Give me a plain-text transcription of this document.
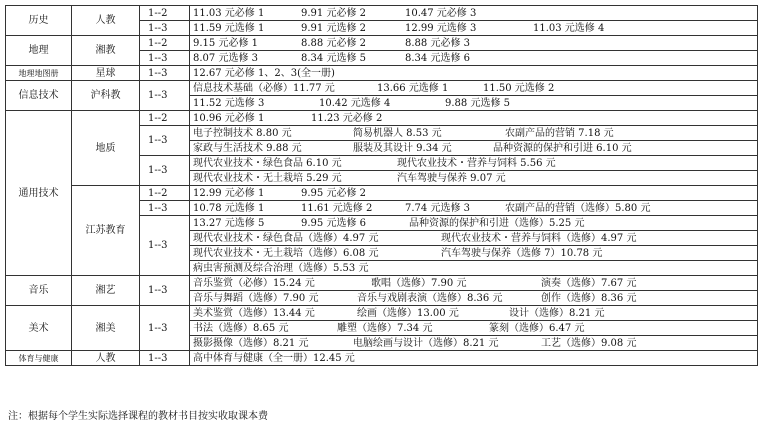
历史	人教	1--2	11.03 元必修 1 9.91 元必修 2 10.47 元必修 3

		1--3	11.59 元选修 1 9.91 元选修 2 12.99 元选修 3 11.03 元选修 4

地理	湘教	1--2	9.15 元必修 1 8.88 元必修 2 8.88 元必修 3

		1--3	8.07 元选修 3 8.34 元选修 5 8.34 元选修 6

地理地图册	星球	1--3	12.67 元必修 1、2、3(全一册)

信息技术	沪科教	1--3	信息技术基础（必修）11.77 元 13.66 元选修 1 11.50 元选修 2

			11.52 元选修 3 10.42 元选修 4 9.88 元选修 5

通用技术	地质	1--2	10.96 元必修 1 11.23 元必修 2

		1--3	电子控制技术 8.80 元 简易机器人 8.53 元 农副产品的营销 7.18 元

			家政与生活技术 9.88 元 服装及其设计 9.34 元 品种资源的保护和引进 6.10 元

		1--3	现代农业技术・绿色食品 6.10 元 现代农业技术・营养与饲料 5.56 元

			现代农业技术・无土栽培 5.29 元 汽车驾驶与保养 9.07 元

	江苏教育	1--2	12.99 元必修 1 9.95 元必修 2

		1--3	10.78 元选修 1 11.61 元选修 2 7.74 元选修 3 农副产品的营销（选修）5.80 元

		1--3	13.27 元选修 5 9.95 元选修 6 品种资源的保护和引进（选修）5.25 元

			现代农业技术・绿色食品（选修）4.97 元 现代农业技术・营养与饲料（选修）4.97 元

			现代农业技术・无土栽培（选修）6.08 元 汽车驾驶与保养（选修 7）10.78 元

			病虫害预测及综合治理（选修）5.53 元

音乐	湘艺	1--3	音乐鉴赏（必修）15.24 元 歌唱（选修）7.90 元 演奏（选修）7.67 元

			音乐与舞蹈（选修）7.90 元 音乐与戏剧表演（选修）8.36 元 创作（选修）8.36 元

美术	湘美	1--3	美术鉴赏（选修）13.44 元 绘画（选修）13.00 元 设计（选修）8.21 元

			书法（选修）8.65 元 雕塑（选修）7.34 元 篆刻（选修）6.47 元

			摄影摄像（选修）8.21 元 电脑绘画与设计（选修）8.21 元 工艺（选修）9.08 元

体育与健康	人教	1--3	高中体育与健康（全一册）12.45 元
注：根据每个学生实际选择课程的教材书目按实收取课本费
